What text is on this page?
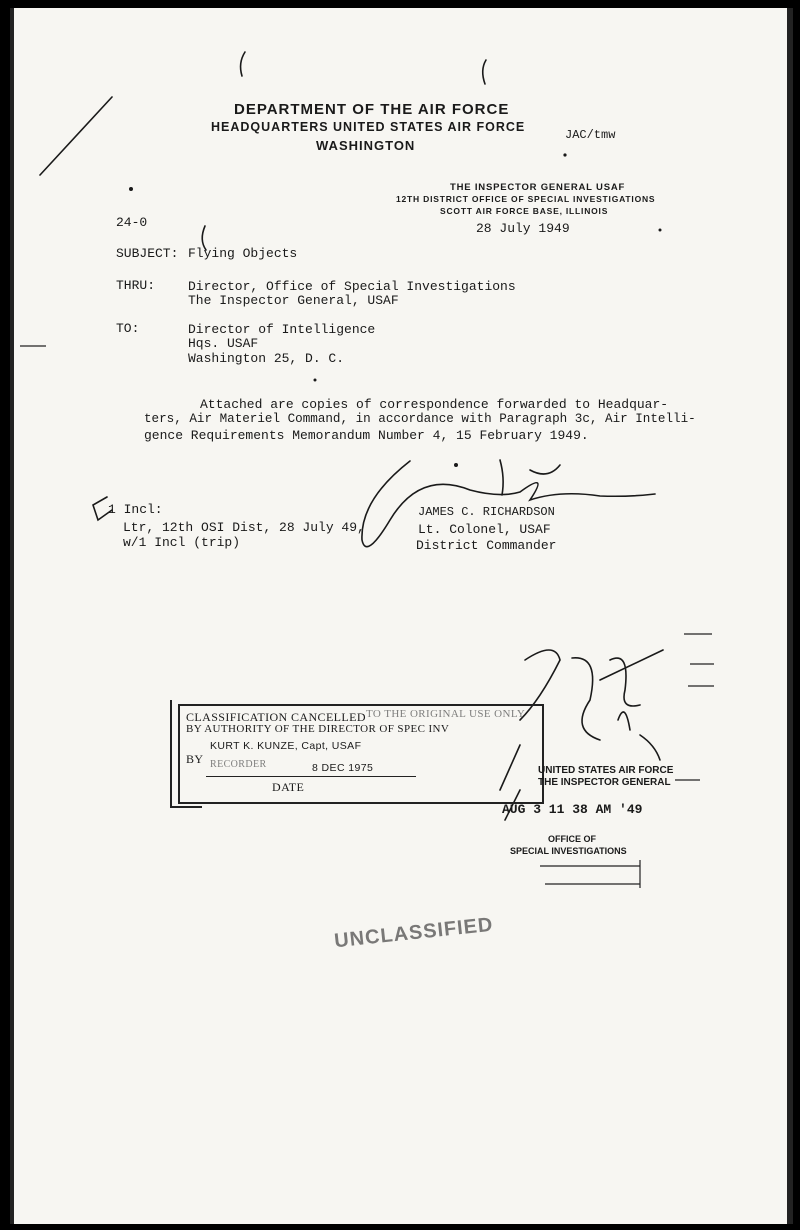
DEPARTMENT OF THE AIR FORCE
HEADQUARTERS UNITED STATES AIR FORCE
WASHINGTON
JAC/tmw
THE INSPECTOR GENERAL USAF
12TH DISTRICT OFFICE OF SPECIAL INVESTIGATIONS
SCOTT AIR FORCE BASE, ILLINOIS
24-0	28 July 1949
SUBJECT: Flying Objects
THRU:	Director, Office of Special Investigations
The Inspector General, USAF
TO:	Director of Intelligence
Hqs. USAF
Washington 25, D. C.
Attached are copies of correspondence forwarded to Headquar-
ters, Air Materiel Command, in accordance with Paragraph 3c, Air Intelli-
gence Requirements Memorandum Number 4, 15 February 1949.
1 Incl:
Ltr, 12th OSI Dist, 28 July 49,
w/1 Incl (trip)
JAMES C. RICHARDSON
Lt. Colonel, USAF
District Commander
CLASSIFICATION CANCELLED TO THE ORIGINAL USE ONLY
BY AUTHORITY OF THE DIRECTOR OF SPEC INV
BY
KURT K. KUNZE, Capt, USAF
RECORDER	8 DEC 1975
DATE
UNITED STATES AIR FORCE
THE INSPECTOR GENERAL
AUG 3 11 38 AM '49
OFFICE OF
SPECIAL INVESTIGATIONS
UNCLASSIFIED
